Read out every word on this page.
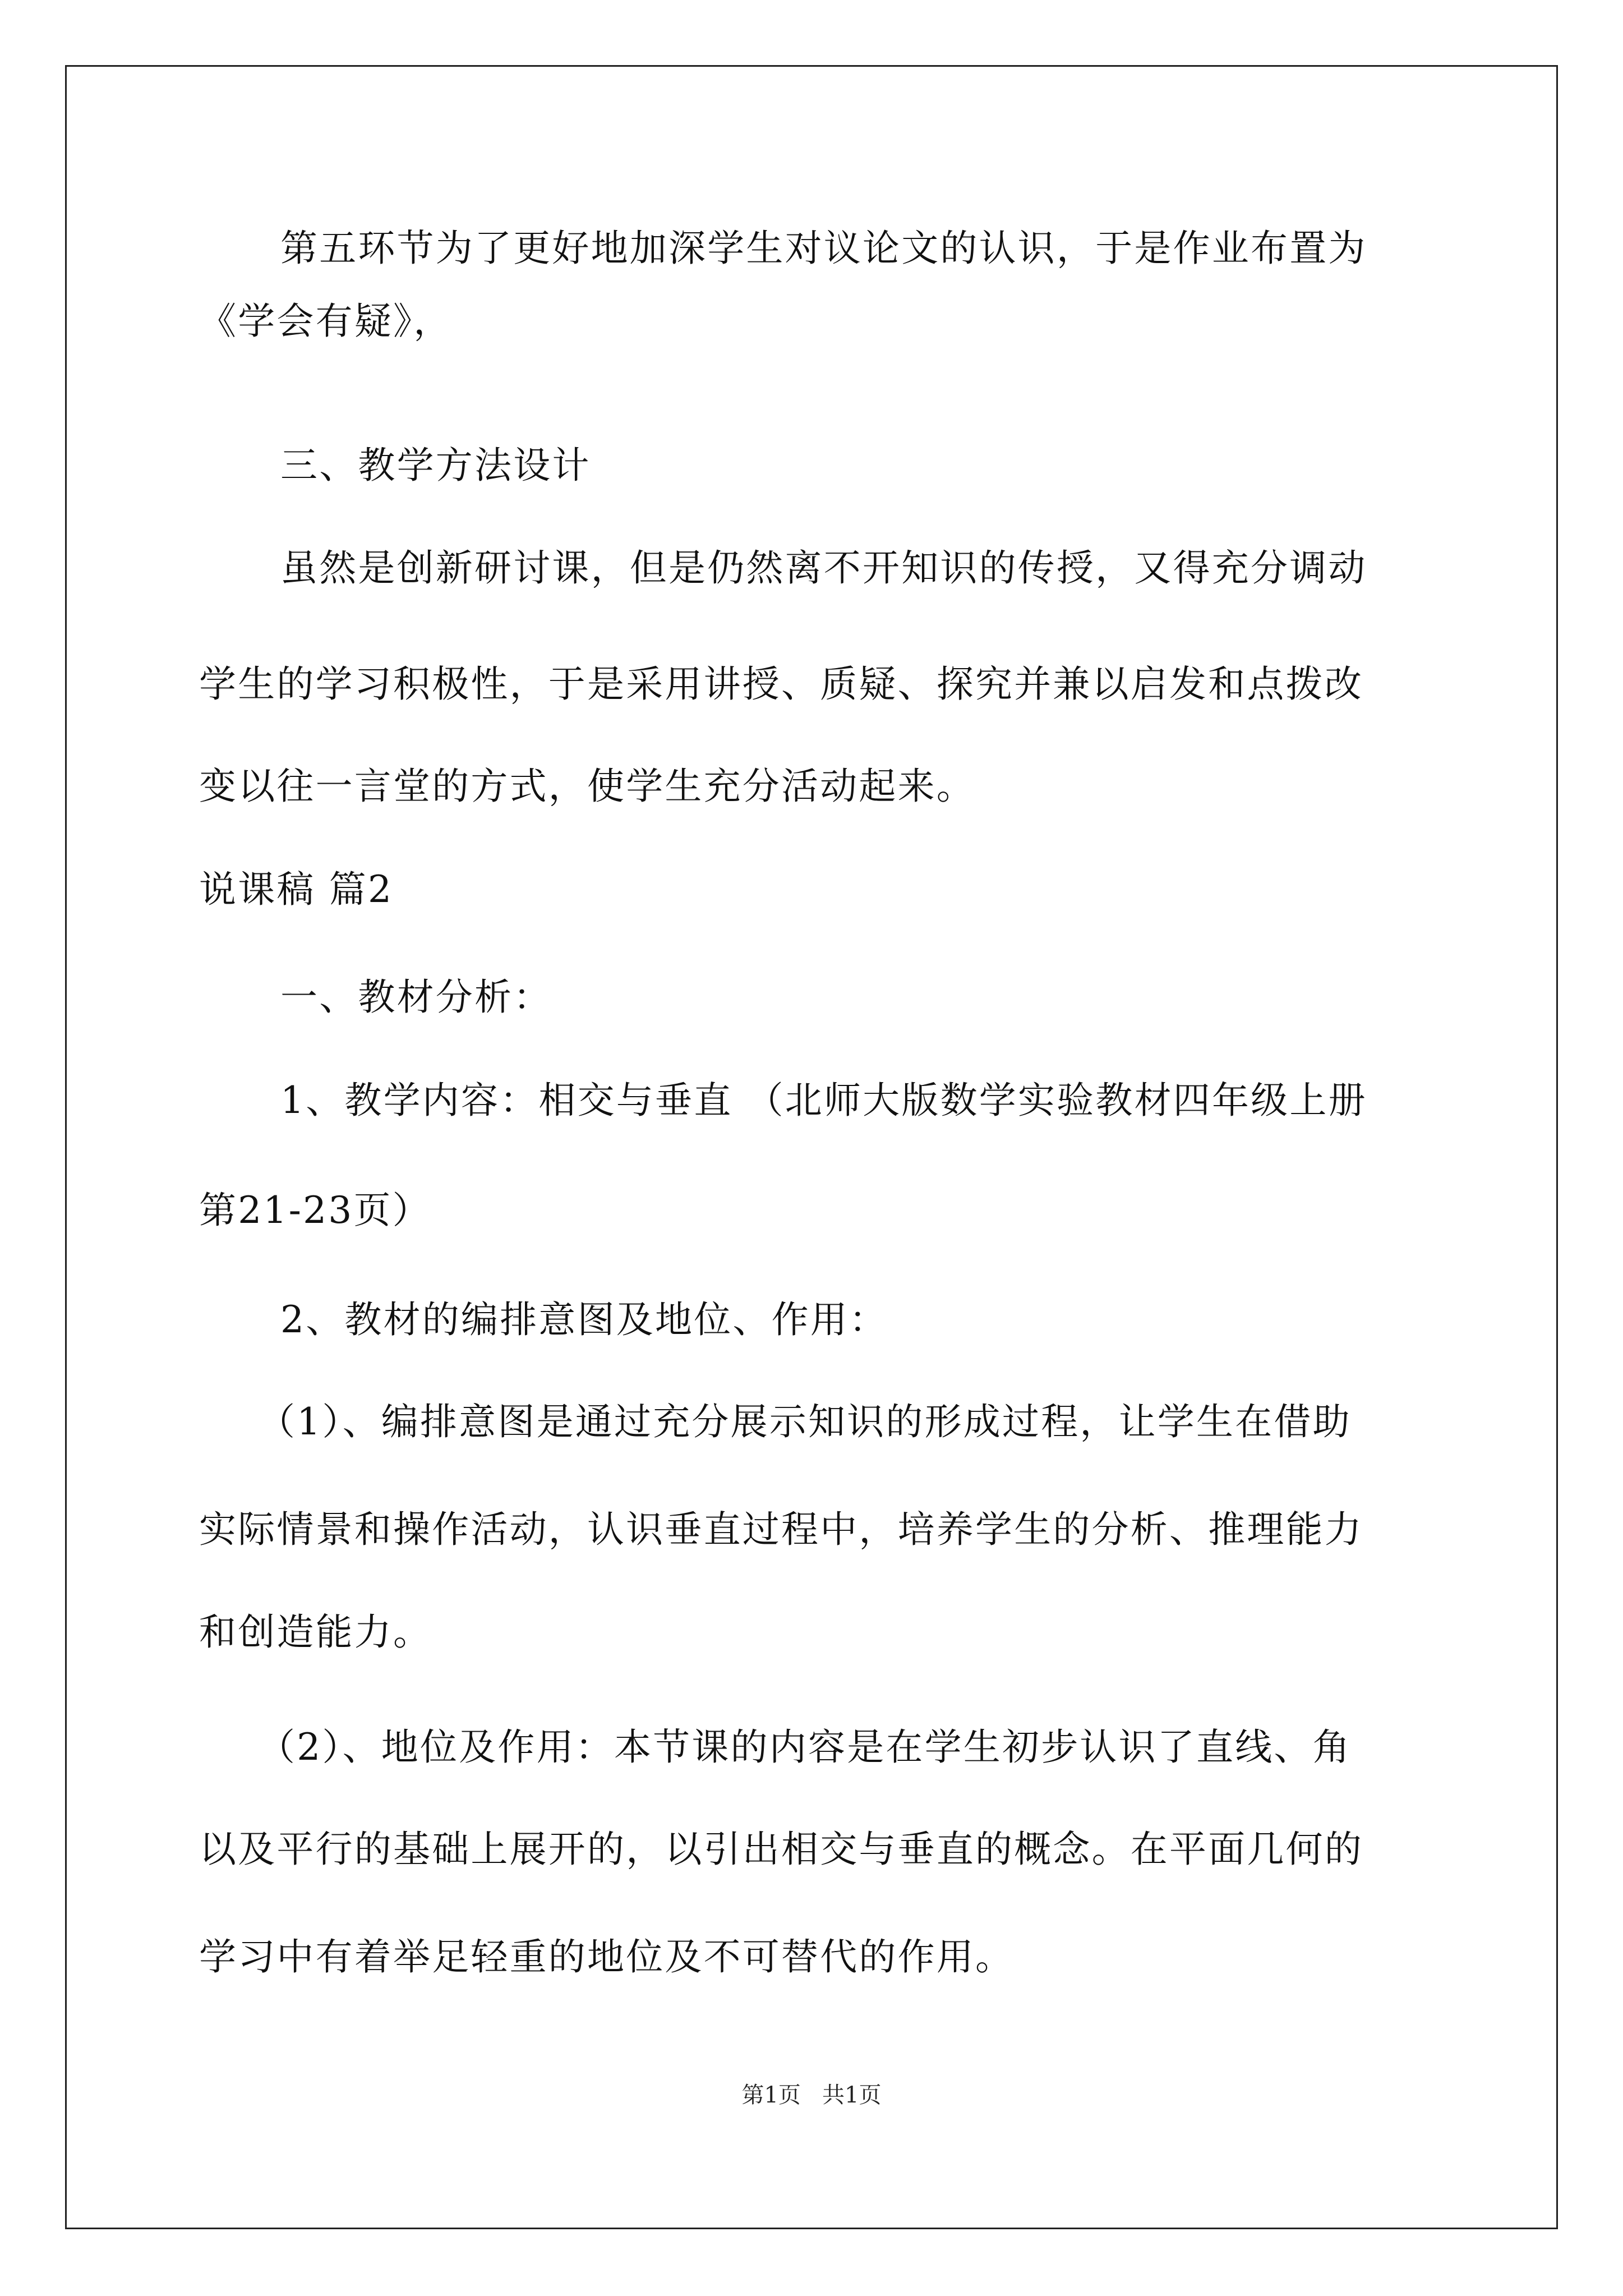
第五环节为了更好地加深学生对议论文的认识，于是作业布置为
《学会有疑》，
三、教学方法设计
虽然是创新研讨课，但是仍然离不开知识的传授，又得充分调动
学生的学习积极性，于是采用讲授、质疑、探究并兼以启发和点拨改
变以往一言堂的方式，使学生充分活动起来。
说课稿 篇2
一、教材分析：
1、教学内容：相交与垂直 （北师大版数学实验教材四年级上册
第21-23页）
2、教材的编排意图及地位、作用：
（1）、编排意图是通过充分展示知识的形成过程，让学生在借助
实际情景和操作活动，认识垂直过程中，培养学生的分析、推理能力
和创造能力。
（2）、地位及作用：本节课的内容是在学生初步认识了直线、角
以及平行的基础上展开的，以引出相交与垂直的概念。在平面几何的
学习中有着举足轻重的地位及不可替代的作用。
第1页   共1页
